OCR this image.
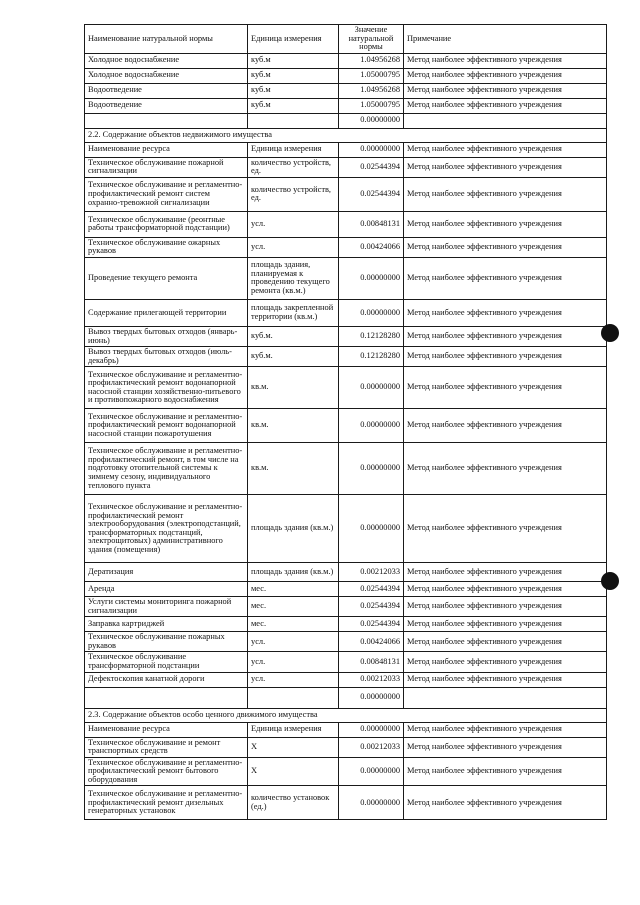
Наименование натуральной нормы	Единица измерения	Значение натуральной нормы	Примечание
Холодное водоснабжение	куб.м	1.04956268	Метод наиболее эффективного учреждения
Холодное водоснабжение	куб.м	1.05000795	Метод наиболее эффективного учреждения
Водоотведение	куб.м	1.04956268	Метод наиболее эффективного учреждения
Водоотведение	куб.м	1.05000795	Метод наиболее эффективного учреждения
		0.00000000	
2.2. Содержание объектов недвижимого имущества			
Наименование ресурса	Единица измерения	0.00000000	Метод наиболее эффективного учреждения
Техническое обслуживание пожарной сигнализации	количество устройств, ед.	0.02544394	Метод наиболее эффективного учреждения
Техническое обслуживание и регламентно-профилактический ремонт систем охранно-тревожной сигнализации	количество устройств, ед.	0.02544394	Метод наиболее эффективного учреждения
Техническое обслуживание (реонтные работы трансформаторной подстанции)	усл.	0.00848131	Метод наиболее эффективного учреждения
Техническое обслуживание ожарных рукавов	усл.	0.00424066	Метод наиболее эффективного учреждения
Проведение текущего ремонта	площадь здания, планируемая к проведению текущего ремонта (кв.м.)	0.00000000	Метод наиболее эффективного учреждения
Содержание прилегающей территории	площадь закрепленной территории (кв.м.)	0.00000000	Метод наиболее эффективного учреждения
Вывоз твердых бытовых отходов (январь-июнь)	куб.м.	0.12128280	Метод наиболее эффективного учреждения
Вывоз твердых бытовых отходов (июль-декабрь)	куб.м.	0.12128280	Метод наиболее эффективного учреждения
Техническое обслуживание и регламентно-профилактический ремонт водонапорной насосной станции хозяйственно-питьевого и противопожарного водоснабжения	кв.м.	0.00000000	Метод наиболее эффективного учреждения
Техническое обслуживание и регламентно-профилактический ремонт водонапорной насосной станции пожаротушения	кв.м.	0.00000000	Метод наиболее эффективного учреждения
Техническое обслуживание и регламентно-профилактический ремонт, в том числе на подготовку отопительной системы к зимнему сезону, индивидуального теплового пункта	кв.м.	0.00000000	Метод наиболее эффективного учреждения
Техническое обслуживание и регламентно-профилактический ремонт электрооборудования (электроподстанций, трансформаторных подстанций, электрощитовых) административного здания (помещения)	площадь здания (кв.м.)	0.00000000	Метод наиболее эффективного учреждения
Дератизация	площадь здания (кв.м.)	0.00212033	Метод наиболее эффективного учреждения
Аренда	мес.	0.02544394	Метод наиболее эффективного учреждения
Услуги системы мониторинга пожарной сигнализации	мес.	0.02544394	Метод наиболее эффективного учреждения
Заправка картриджей	мес.	0.02544394	Метод наиболее эффективного учреждения
Техническое обслуживание пожарных рукавов	усл.	0.00424066	Метод наиболее эффективного учреждения
Техническое обслуживание трансформаторной подстанции	усл.	0.00848131	Метод наиболее эффективного учреждения
Дефектоскопия канатной дороги	усл.	0.00212033	Метод наиболее эффективного учреждения
		0.00000000	
2.3. Содержание объектов особо ценного движимого имущества			
Наименование ресурса	Единица измерения	0.00000000	Метод наиболее эффективного учреждения
Техническое обслуживание и ремонт транспортных средств	X	0.00212033	Метод наиболее эффективного учреждения
Техническое обслуживание и регламентно-профилактический ремонт бытового оборудования	X	0.00000000	Метод наиболее эффективного учреждения
Техническое обслуживание и регламентно-профилактический ремонт дизельных генераторных установок	количество установок (ед.)	0.00000000	Метод наиболее эффективного учреждения
